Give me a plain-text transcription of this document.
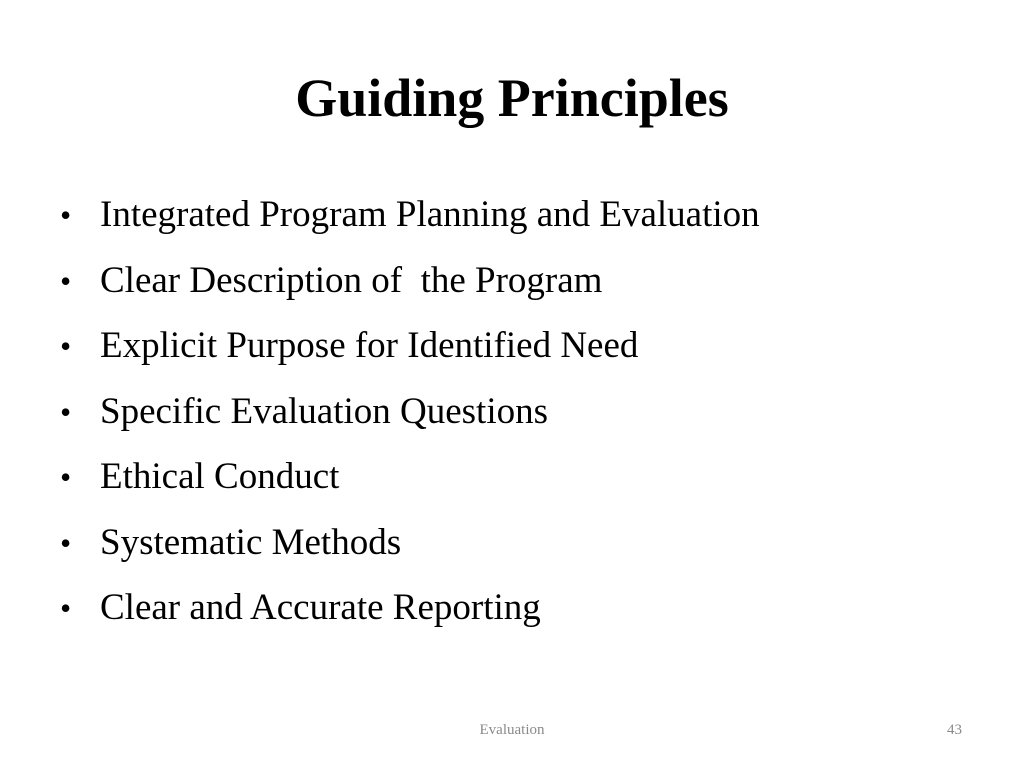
Guiding Principles
• Integrated Program Planning and Evaluation
• Clear Description of  the Program
• Explicit Purpose for Identified Need
• Specific Evaluation Questions
• Ethical Conduct
• Systematic Methods
• Clear and Accurate Reporting
Evaluation	43
